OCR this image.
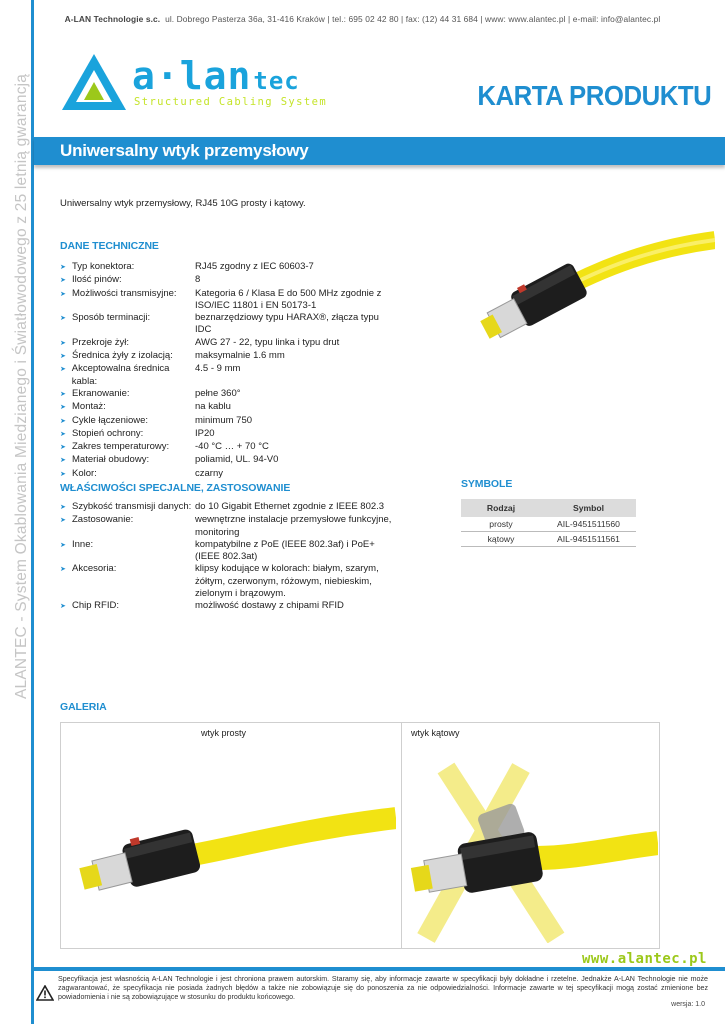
A-LAN Technologie s.c. ul. Dobrego Pasterza 36a, 31-416 Kraków | tel.: 695 02 42 80 | fax: (12) 44 31 684 | www: www.alantec.pl | e-mail: info@alantec.pl
ALANTEC - System Okablowania Miedzianego i Światłowodowego z 25 letnią gwarancją	a·lantec
Structured Cabling System	KARTA PRODUKTU
Uniwersalny wtyk przemysłowy
Uniwersalny wtyk przemysłowy, RJ45 10G prosty i kątowy.
DANE TECHNICZNE
➤ Typ konektora:	RJ45 zgodny z IEC 60603-7
➤ Ilość pinów:	8
➤ Możliwości transmisyjne: Kategoria 6 / Klasa E do 500 MHz zgodnie z ISO/IEC 11801 i EN 50173-1
➤ Sposób terminacji:	beznarzędziowy typu HARAX®, złącza typu IDC
➤ Przekroje żył:	AWG 27 - 22, typu linka i typu drut
➤ Średnica żyły z izolacją: maksymalnie 1.6 mm
➤ Akceptowalna średnica kabla:
4.5 - 9 mm
➤ Ekranowanie:	pełne 360°
➤ Montaż:	na kablu
➤ Cykle łączeniowe:	minimum 750
➤ Stopień ochrony:	IP20
➤ Zakres temperaturowy:	-40 °C … + 70 °C
➤ Materiał obudowy:	poliamid, UL. 94-V0
➤ Kolor:	czarny
WŁAŚCIWOŚCI SPECJALNE, ZASTOSOWANIE
➤ Szybkość transmisji danych: do 10 Gigabit Ethernet zgodnie z IEEE 802.3
➤ Zastosowanie:	wewnętrzne instalacje przemysłowe funkcyjne, monitoring
➤ Inne:	kompatybilne z PoE (IEEE 802.3af) i PoE+ (IEEE 802.3at)
➤ Akcesoria:	klipsy kodujące w kolorach: białym, szarym, żółtym, czerwonym, różowym, niebieskim, zielonym i brązowym.
➤ Chip RFID:	możliwość dostawy z chipami RFID
SYMBOLE
Rodzaj	Symbol
prosty	AIL-9451511560
kątowy	AIL-9451511561
GALERIA
wtyk prosty	wtyk kątowy
www.alantec.pl
Specyfikacja jest własnością A-LAN Technologie i jest chroniona prawem autorskim. Staramy się, aby informacje zawarte w specyfikacji były dokładne i rzetelne. Jednakże A-LAN Technologie nie może zagwarantować, że specyfikacja nie posiada żadnych błędów a także nie zobowiązuje się do ponoszenia za nie odpowiedzialności. Informacje zawarte w tej specyfikacji mogą zostać zmienione bez powiadomienia i nie są zobowiązujące w stosunku do produktu końcowego.
wersja: 1.0
